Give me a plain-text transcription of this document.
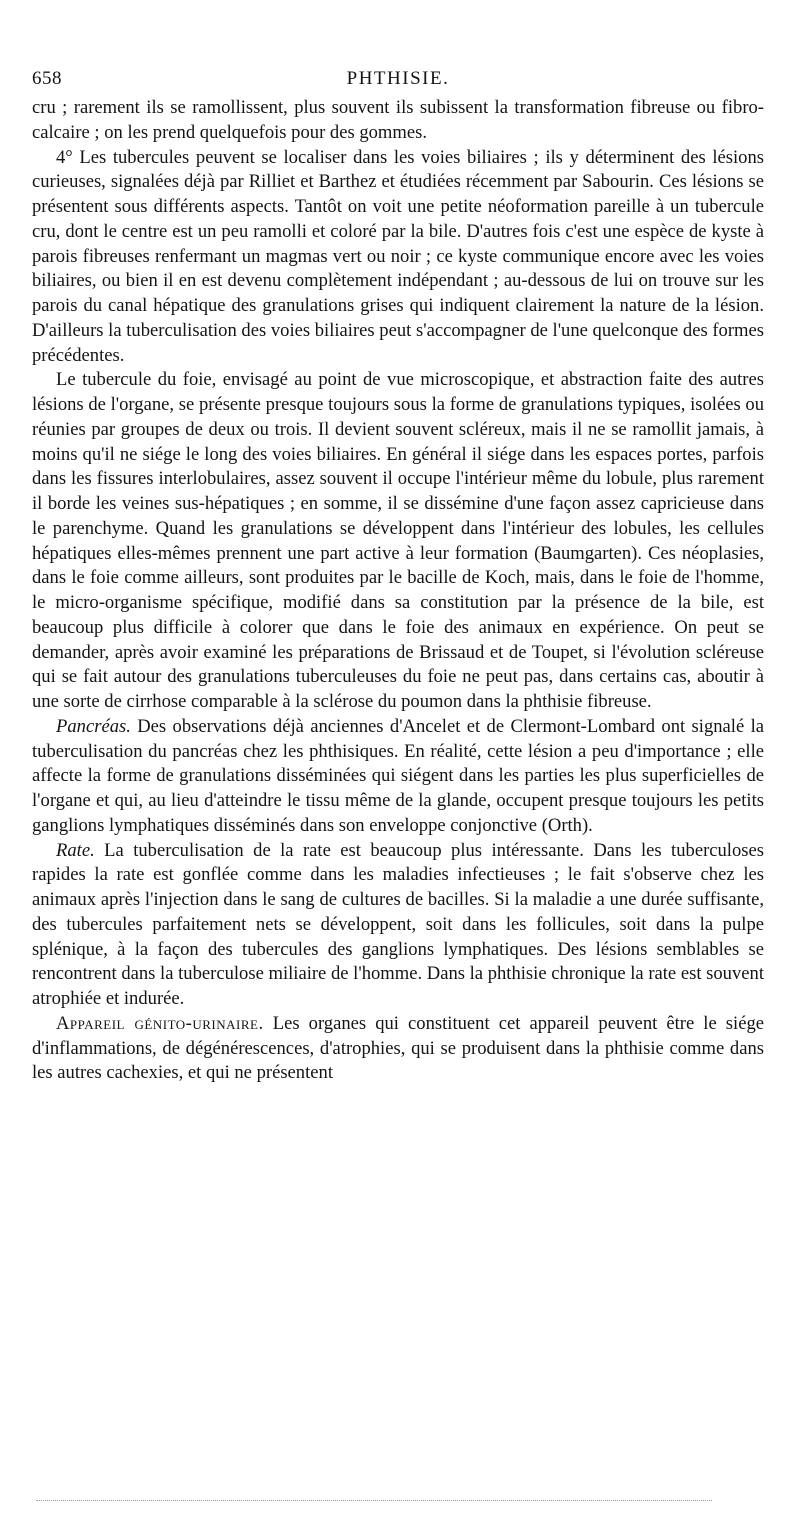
658	PHTHISIE.

cru ; rarement ils se ramollissent, plus souvent ils subissent la transformation fibreuse ou fibro-calcaire ; on les prend quelquefois pour des gommes.

4° Les tubercules peuvent se localiser dans les voies biliaires ; ils y déterminent des lésions curieuses, signalées déjà par Rilliet et Barthez et étudiées récemment par Sabourin. Ces lésions se présentent sous différents aspects. Tantôt on voit une petite néoformation pareille à un tubercule cru, dont le centre est un peu ramolli et coloré par la bile. D'autres fois c'est une espèce de kyste à parois fibreuses renfermant un magmas vert ou noir ; ce kyste communique encore avec les voies biliaires, ou bien il en est devenu complètement indépendant ; au-dessous de lui on trouve sur les parois du canal hépatique des granulations grises qui indiquent clairement la nature de la lésion. D'ailleurs la tuberculisation des voies biliaires peut s'accompagner de l'une quelconque des formes précédentes.

Le tubercule du foie, envisagé au point de vue microscopique, et abstraction faite des autres lésions de l'organe, se présente presque toujours sous la forme de granulations typiques, isolées ou réunies par groupes de deux ou trois. Il devient souvent scléreux, mais il ne se ramollit jamais, à moins qu'il ne siége le long des voies biliaires. En général il siége dans les espaces portes, parfois dans les fissures interlobulaires, assez souvent il occupe l'intérieur même du lobule, plus rarement il borde les veines sus-hépatiques ; en somme, il se dissémine d'une façon assez capricieuse dans le parenchyme. Quand les granulations se développent dans l'intérieur des lobules, les cellules hépatiques elles-mêmes prennent une part active à leur formation (Baumgarten). Ces néoplasies, dans le foie comme ailleurs, sont produites par le bacille de Koch, mais, dans le foie de l'homme, le micro-organisme spécifique, modifié dans sa constitution par la présence de la bile, est beaucoup plus difficile à colorer que dans le foie des animaux en expérience. On peut se demander, après avoir examiné les préparations de Brissaud et de Toupet, si l'évolution scléreuse qui se fait autour des granulations tuberculeuses du foie ne peut pas, dans certains cas, aboutir à une sorte de cirrhose comparable à la sclérose du poumon dans la phthisie fibreuse.

Pancréas. Des observations déjà anciennes d'Ancelet et de Clermont-Lombard ont signalé la tuberculisation du pancréas chez les phthisiques. En réalité, cette lésion a peu d'importance ; elle affecte la forme de granulations disséminées qui siégent dans les parties les plus superficielles de l'organe et qui, au lieu d'atteindre le tissu même de la glande, occupent presque toujours les petits ganglions lymphatiques disséminés dans son enveloppe conjonctive (Orth).

Rate. La tuberculisation de la rate est beaucoup plus intéressante. Dans les tuberculoses rapides la rate est gonflée comme dans les maladies infectieuses ; le fait s'observe chez les animaux après l'injection dans le sang de cultures de bacilles. Si la maladie a une durée suffisante, des tubercules parfaitement nets se développent, soit dans les follicules, soit dans la pulpe splénique, à la façon des tubercules des ganglions lymphatiques. Des lésions semblables se rencontrent dans la tuberculose miliaire de l'homme. Dans la phthisie chronique la rate est souvent atrophiée et indurée.

Appareil génito-urinaire. Les organes qui constituent cet appareil peuvent être le siége d'inflammations, de dégénérescences, d'atrophies, qui se produisent dans la phthisie comme dans les autres cachexies, et qui ne présentent
